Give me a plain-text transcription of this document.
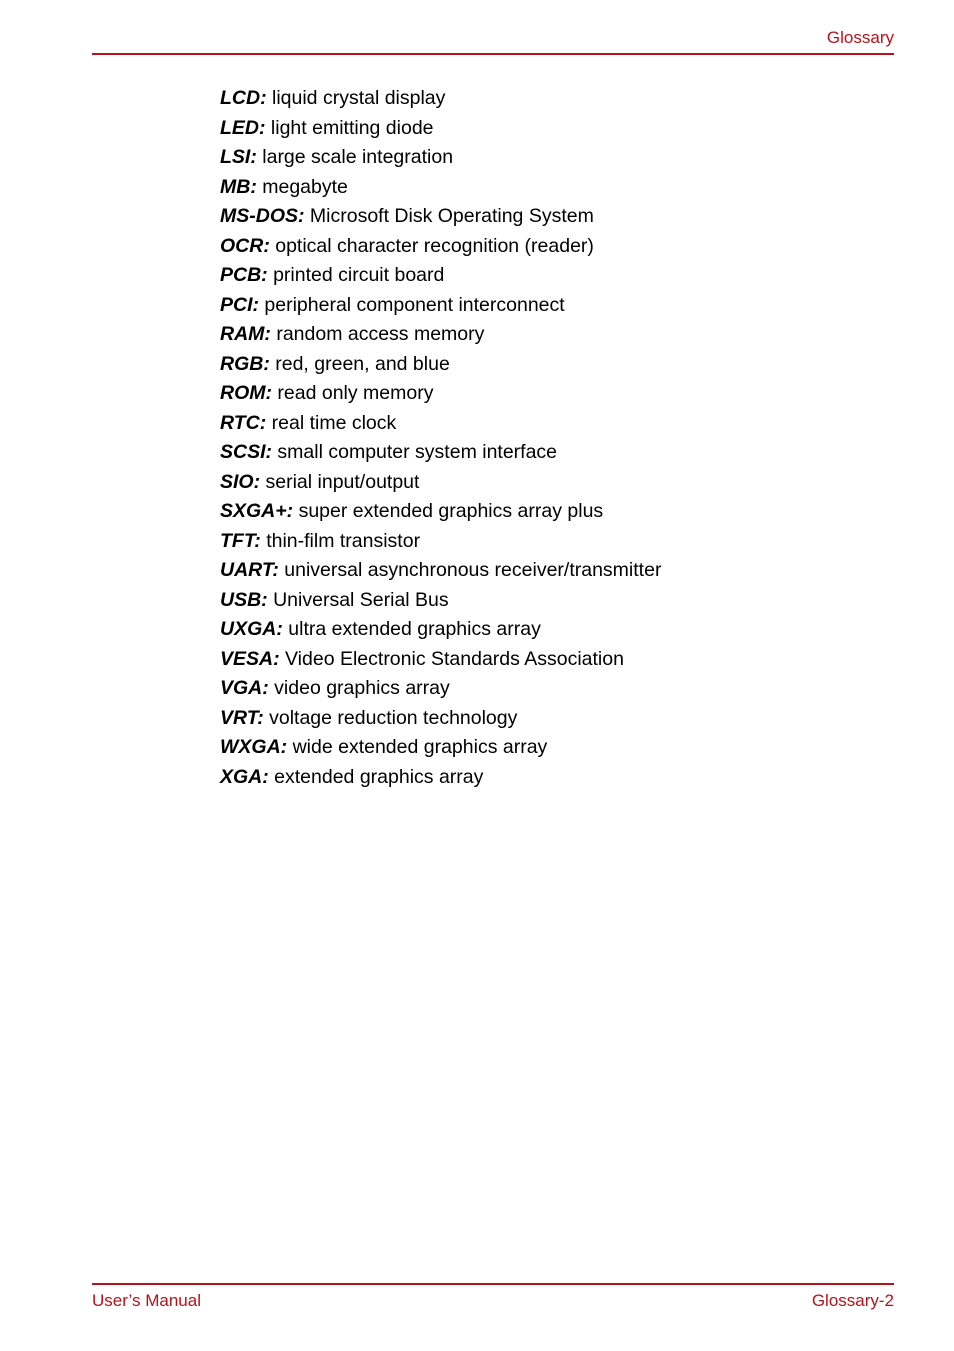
Glossary
LCD: liquid crystal display
LED: light emitting diode
LSI: large scale integration
MB: megabyte
MS-DOS: Microsoft Disk Operating System
OCR: optical character recognition (reader)
PCB: printed circuit board
PCI: peripheral component interconnect
RAM: random access memory
RGB: red, green, and blue
ROM: read only memory
RTC: real time clock
SCSI: small computer system interface
SIO: serial input/output
SXGA+: super extended graphics array plus
TFT: thin-film transistor
UART: universal asynchronous receiver/transmitter
USB: Universal Serial Bus
UXGA: ultra extended graphics array
VESA: Video Electronic Standards Association
VGA: video graphics array
VRT: voltage reduction technology
WXGA: wide extended graphics array
XGA: extended graphics array
User’s Manual	Glossary-2
